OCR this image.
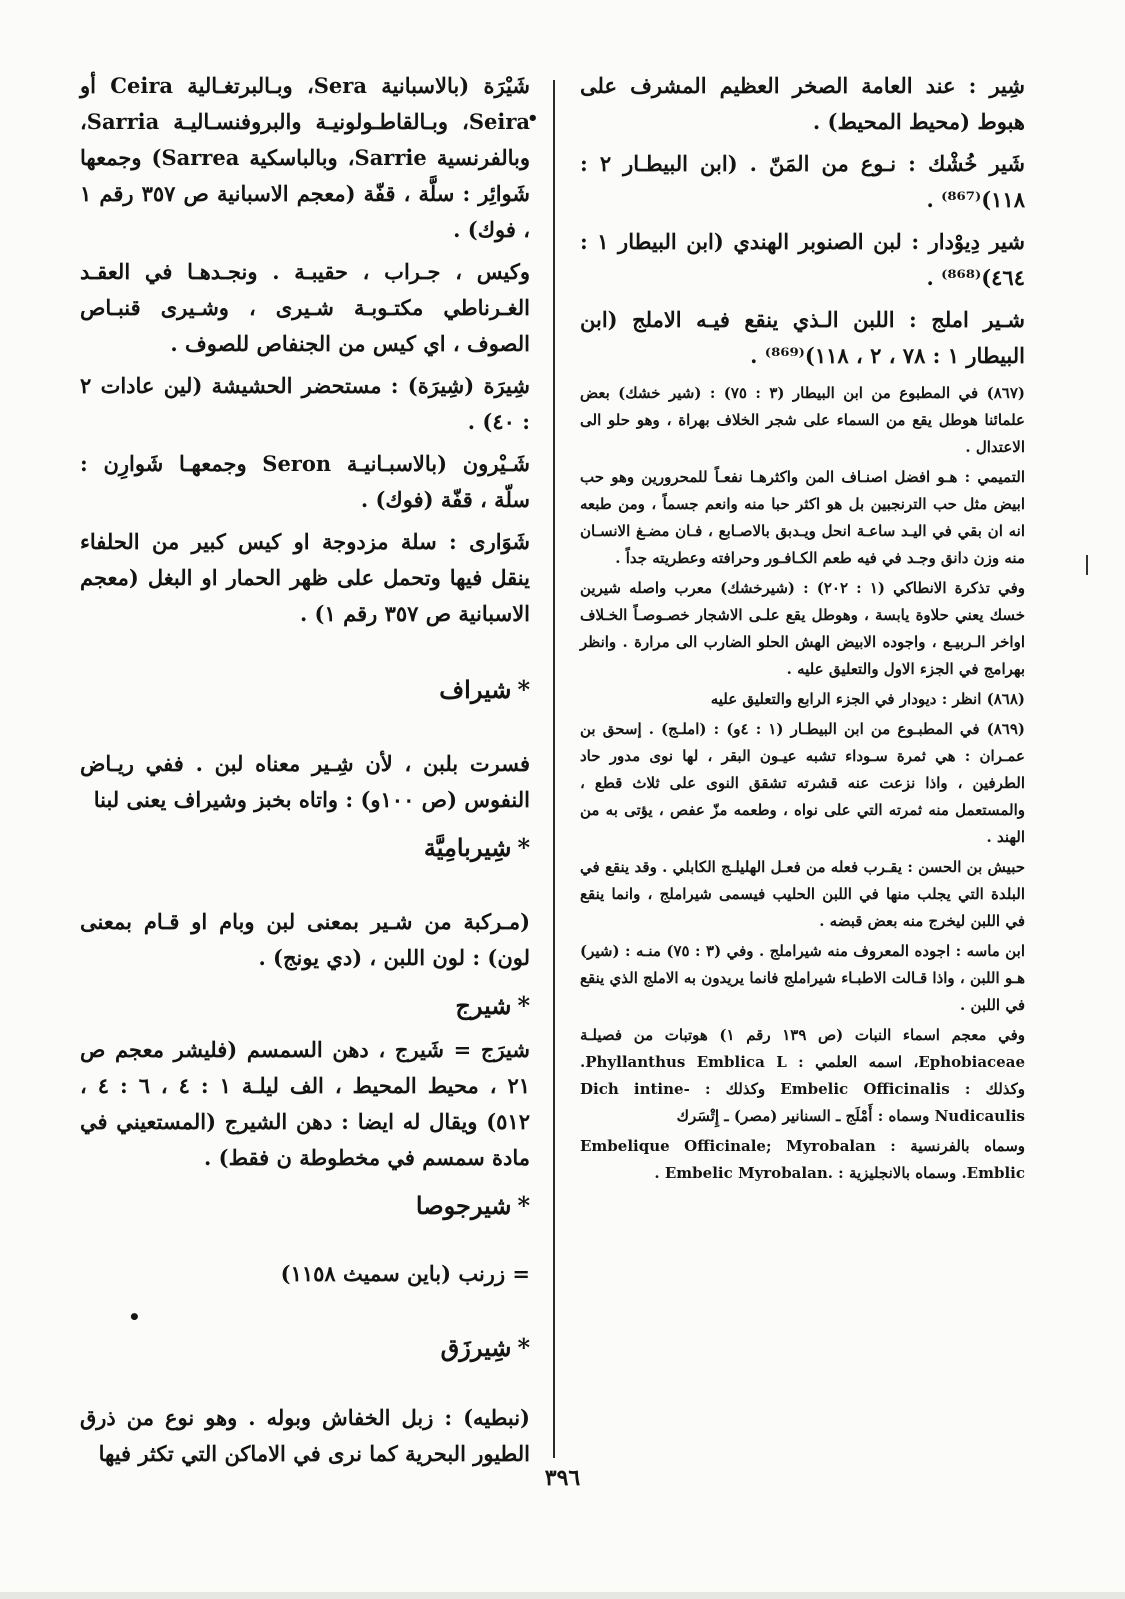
شِير : عند العامة الصخر العظيم المشرف على هبوط (محيط المحيط) .

شَير خُشْك : نـوع من المَنّ . (ابن البيطـار ٢ : ١١٨)⁽⁸⁶⁷⁾ .

شير دِيوْدار : لبن الصنوبر الهندي (ابن البيطار ١ : ٤٦٤)⁽⁸⁶⁸⁾ .

شـير املج : اللبن الـذي ينقع فيـه الاملج (ابن البيطار ١ : ٧٨ ، ٢ ، ١١٨)⁽⁸⁶⁹⁾ .

(٨٦٧) في المطبوع من ابن البيطار (٣ : ٧٥) : (شير خشك) بعض علمائنا هوطل يقع من السماء على شجر الخلاف بهراة ، وهو حلو الى الاعتدال .

التميمي : هـو افضل اصنـاف المن واكثرهـا نفعـاً للمحرورين وهو حب ابيض مثل حب الترنجبين بل هو اكثر حبا منه وانعم جسماً ، ومن طبعه انه ان بقي في اليـد ساعـة انحل ويـدبق بالاصـابع ، فـان مضـغ الانسـان منه وزن دانق وجـد في فيه طعم الكـافـور وحرافته وعطريته جداً .

وفي تذكرة الانطاكي (١ : ٢٠٢) : (شيرخشك) معرب واصله شيرين خسك يعني حلاوة يابسة ، وهوطل يقع علـى الاشجار خصـوصـاً الخـلاف اواخر الـربيـع ، واجوده الابيض الهش الحلو الضارب الى مرارة . وانظر بهرامج في الجزء الاول والتعليق عليه .

(٨٦٨) انظر : ديودار في الجزء الرابع والتعليق عليه

(٨٦٩) في المطبـوع من ابن البيطـار (١ : ٤و) : (املـج) . إسحق بن عمـران : هي ثمرة سـوداء تشبه عيـون البقر ، لها نوى مدور حاد الطرفين ، واذا نزعت عنه قشرته تشقق النوى على ثلاث قطع ، والمستعمل منه ثمرته التي على نواه ، وطعمه مزّ عفص ، يؤتى به من الهند .

حبيش بن الحسن : يقـرب فعله من فعـل الهليلـج الكابلي . وقد ينقع في البلدة التي يجلب منها في اللبن الحليب فيسمى شيراملج ، وانما ينقع في اللبن ليخرج منه بعض قبضه .

ابن ماسه : اجوده المعروف منه شيراملج . وفي (٣ : ٧٥) منـه : (شير) هـو اللبن ، واذا قـالت الاطبـاء شيراملج فانما يريدون به الاملج الذي ينقع في اللبن .

وفي معجم اسماء النبات (ص ١٣٩ رقم ١) هوتبات من فصيلـة Ephobiaceae، اسمه العلمي : Phyllanthus Emblica L. وكذلك : Embelic Officinalis وكذلك : -Dich intine Nudicaulis وسماه : أَمْلَج ـ السنانير (مصر) ـ إِتْسَرك

وسماه بالفرنسية : Embelique Officinale; Myrobalan Emblic. وسماه بالانجليزية : .Embelic Myrobalan .

شَيْرَة (بالاسبانية Sera، وبـالبرتغـالية Ceira أو Seira، وبـالقاطـولونيـة والبروفنسـاليـة Sarria، وبالفرنسية Sarrie، وبالباسكية Sarrea) وجمعها شَوائِر : سلَّة ، قفّة (معجم الاسبانية ص ٣٥٧ رقم ١ ، فوك) .

وكيس ، جـراب ، حقيبـة . ونجـدهـا في العقـد الغـرناطي مكتـوبـة شـيرى ، وشـيرى قنبـاص الصوف ، اي كيس من الجنفاص للصوف .

شِيرَة (شِيرَة) : مستحضر الحشيشة (لين عادات ٢ : ٤٠) .

شَـيْرون (بالاسبـانيـة Seron وجمعهـا شَوارِن : سلّة ، قفّة (فوك) .

شَوَارى : سلة مزدوجة او كيس كبير من الحلفاء ينقل فيها وتحمل على ظهر الحمار او البغل (معجم الاسبانية ص ٣٥٧ رقم ١) .

*شيراف

فسرت بلبن ، لأن شِـير معناه لبن . ففي ريـاض النفوس (ص ١٠٠و) : واتاه بخبز وشيراف يعنى لبنا

*شِيربامِيَّة

(مـركبة من شـير بمعنى لبن وبام او قـام بمعنى لون) : لون اللبن ، (دي يونج) .

*شيرج

شيرَج = شَيرج ، دهن السمسم (فليشر معجم ص ٢١ ، محيط المحيط ، الف ليلـة ١ : ٤ ، ٦ : ٤ ، ٥١٢) ويقال له ايضا : دهن الشيرج (المستعيني في مادة سمسم في مخطوطة ن فقط) .

*شيرجوصا

= زرنب (باين سميث ١١٥٨)

*شِيرزَق

(نبطيه) : زبل الخفاش وبوله . وهو نوع من ذرق الطيور البحرية كما نرى في الاماكن التي تكثر فيها

٣٩٦
•
•
